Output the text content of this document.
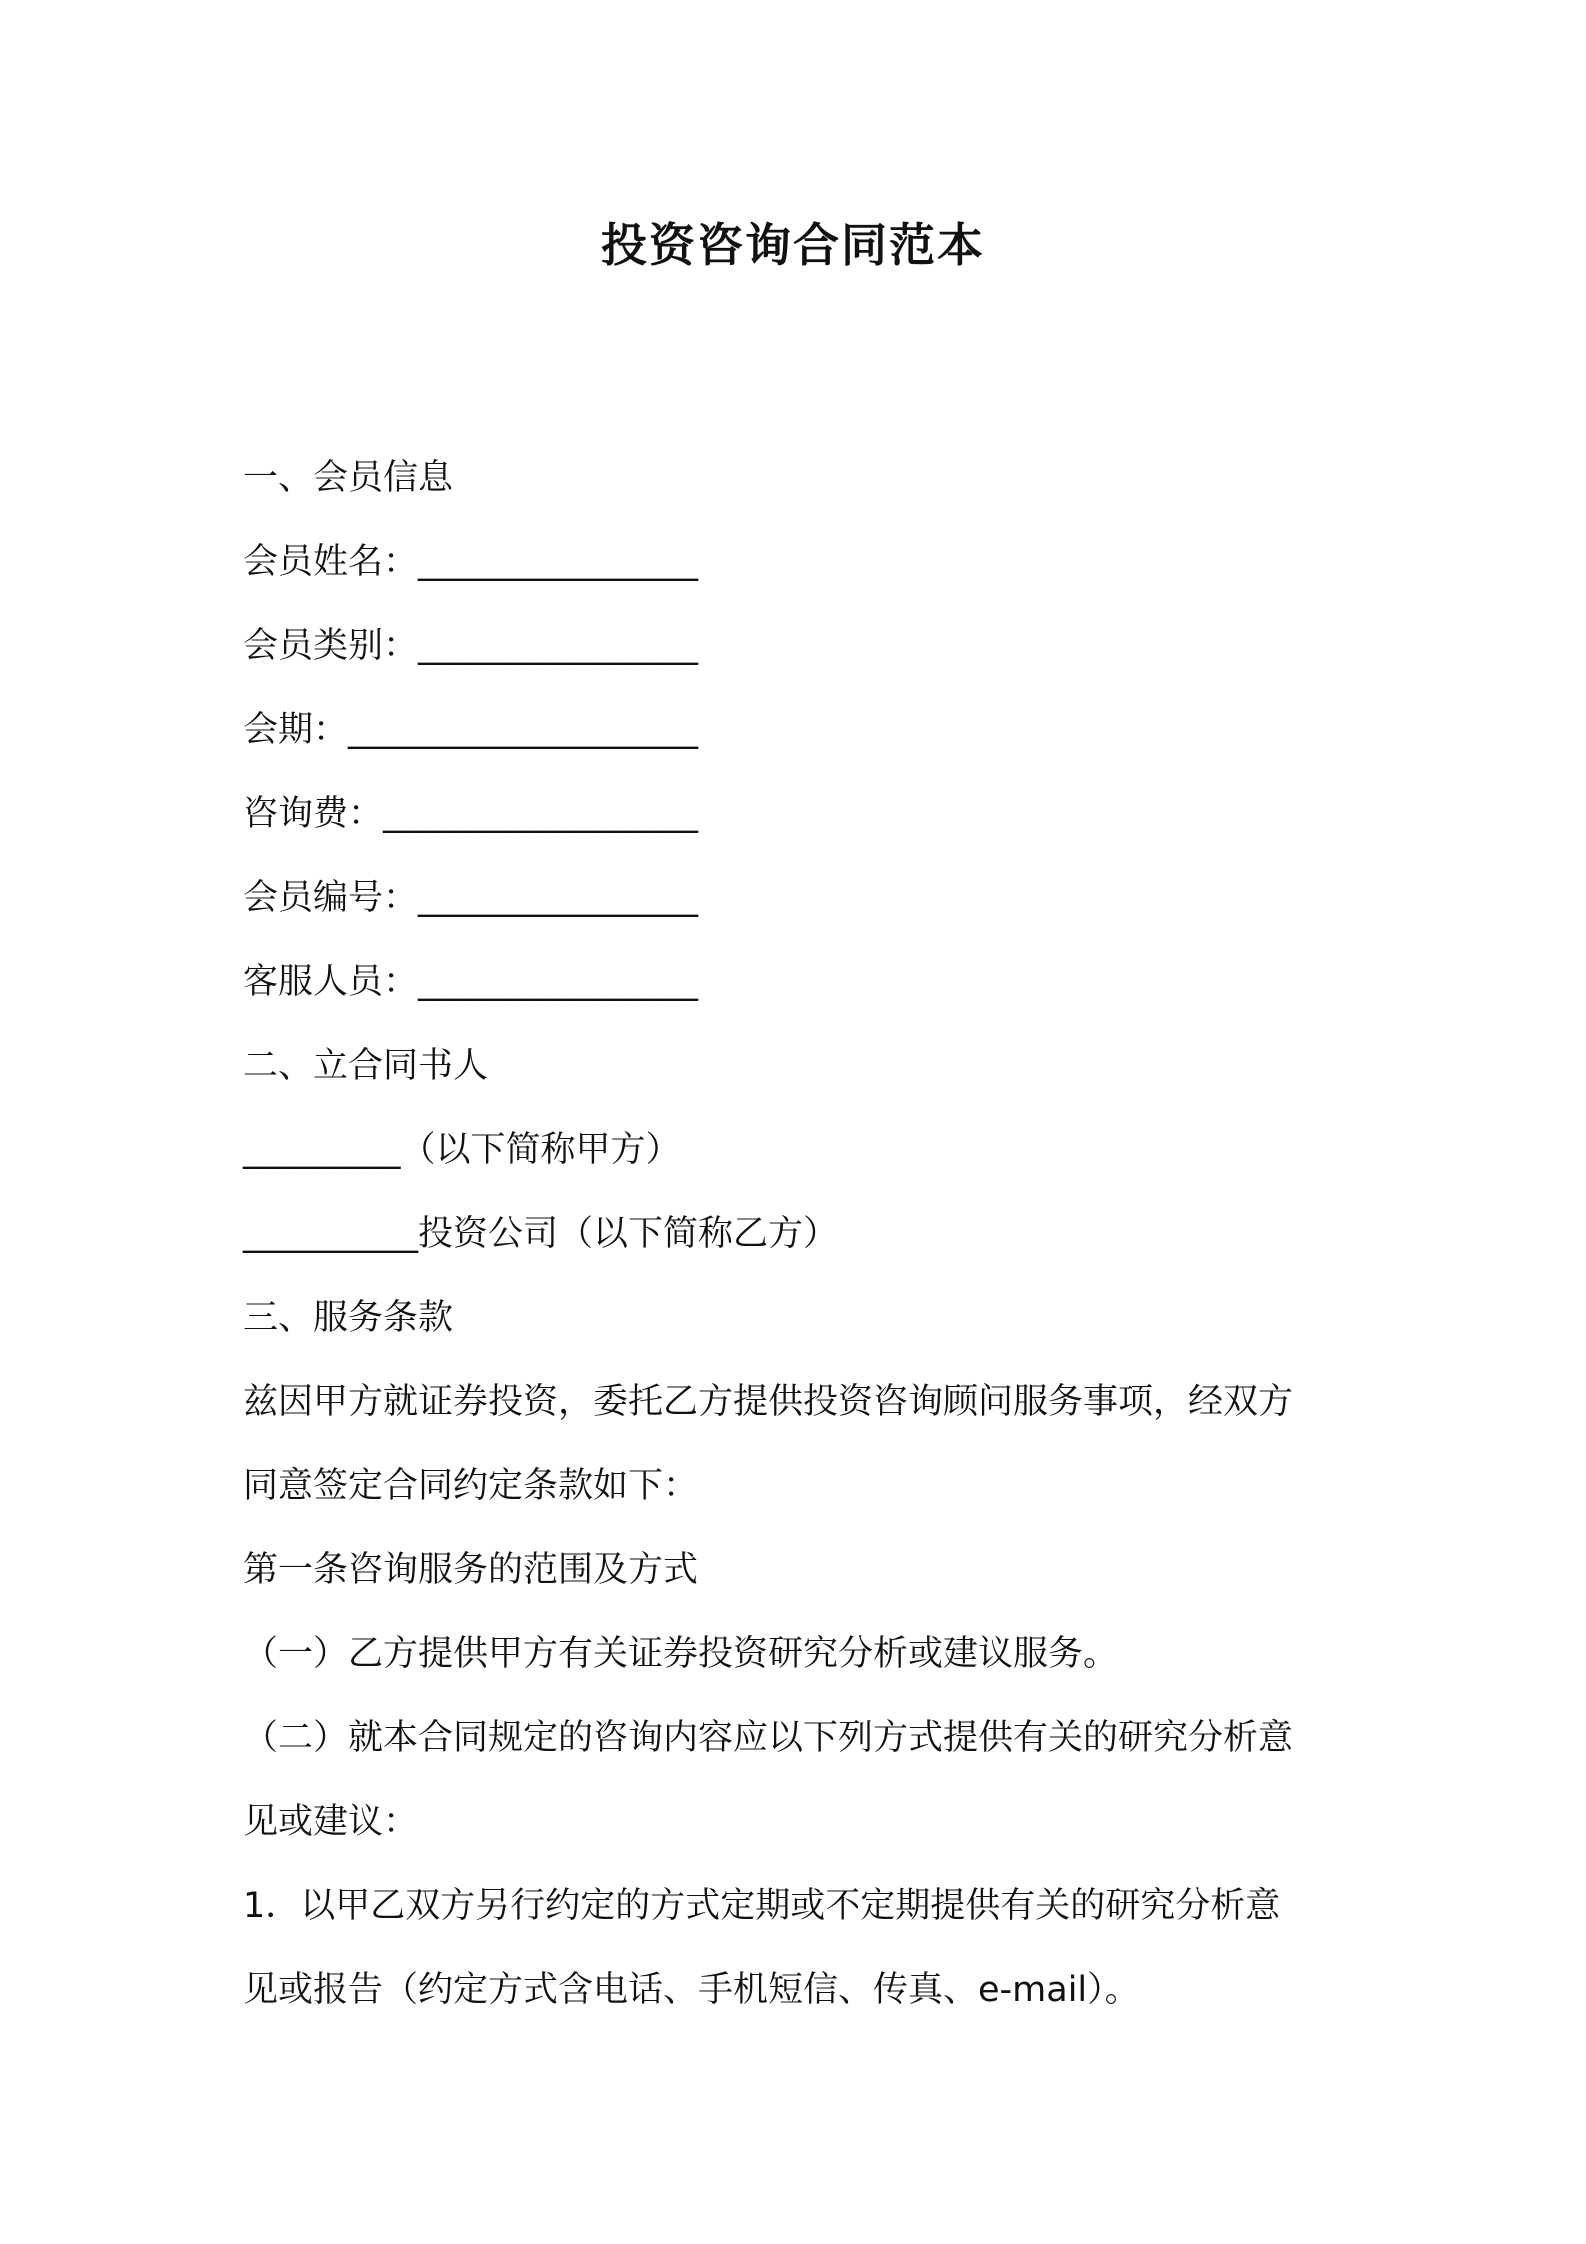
投资咨询合同范本
一、会员信息
会员姓名：________________
会员类别：________________
会期：____________________
咨询费：__________________
会员编号：________________
客服人员：________________
二、立合同书人
_________（以下简称甲方）
__________投资公司（以下简称乙方）
三、服务条款
兹因甲方就证券投资，委托乙方提供投资咨询顾问服务事项，经双方
同意签定合同约定条款如下：
第一条咨询服务的范围及方式
（一）乙方提供甲方有关证券投资研究分析或建议服务。
（二）就本合同规定的咨询内容应以下列方式提供有关的研究分析意
见或建议：
1．以甲乙双方另行约定的方式定期或不定期提供有关的研究分析意
见或报告（约定方式含电话、手机短信、传真、e-mail）。
